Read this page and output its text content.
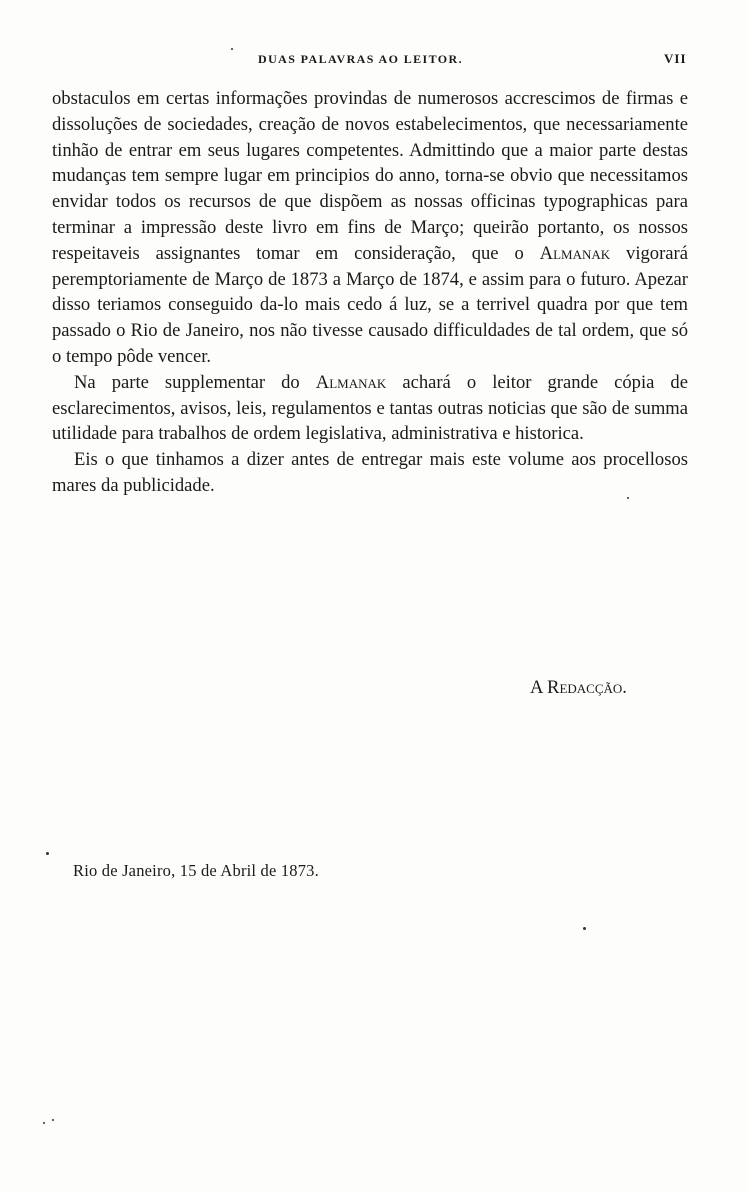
DUAS PALAVRAS AO LEITOR.	VII

obstaculos em certas informações provindas de numerosos accrescimos de firmas e dissoluções de sociedades, creação de novos estabelecimentos, que necessariamente tinhão de entrar em seus lugares competentes. Admittindo que a maior parte destas mudanças tem sempre lugar em principios do anno, torna-se obvio que necessitamos envidar todos os recursos de que dispõem as nossas officinas typographicas para terminar a impressão deste livro em fins de Março; queirão portanto, os nossos respeitaveis assignantes tomar em consideração, que o Almanak vigorará peremptoriamente de Março de 1873 a Março de 1874, e assim para o futuro. Apezar disso teriamos conseguido da-lo mais cedo á luz, se a terrivel quadra por que tem passado o Rio de Janeiro, nos não tivesse causado difficuldades de tal ordem, que só o tempo pôde vencer.

Na parte supplementar do Almanak achará o leitor grande cópia de esclarecimentos, avisos, leis, regulamentos e tantas outras noticias que são de summa utilidade para trabalhos de ordem legislativa, administrativa e historica.

Eis o que tinhamos a dizer antes de entregar mais este volume aos procellosos mares da publicidade.

A Redacção.
Rio de Janeiro, 15 de Abril de 1873.
